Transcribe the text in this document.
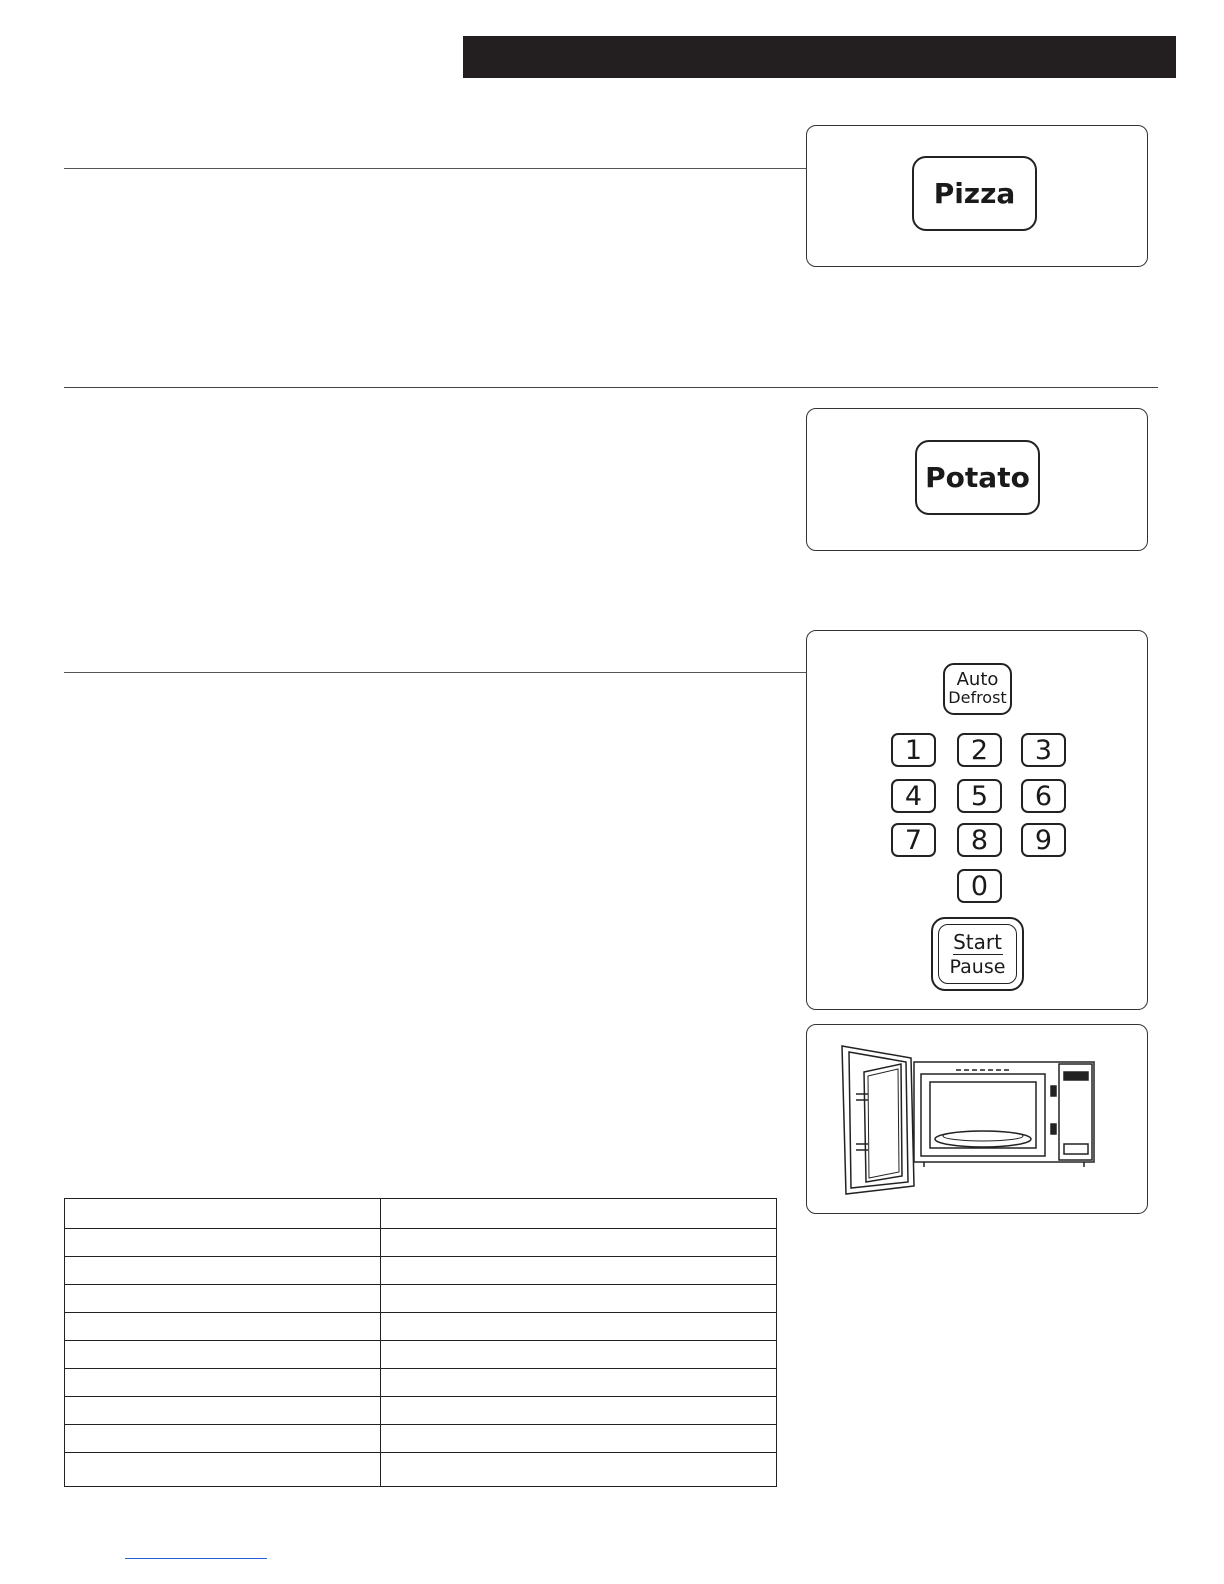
Pizza
Potato
Auto
Defrost
1 2 3
4 5 6
7 8 9
0
Start
Pause
